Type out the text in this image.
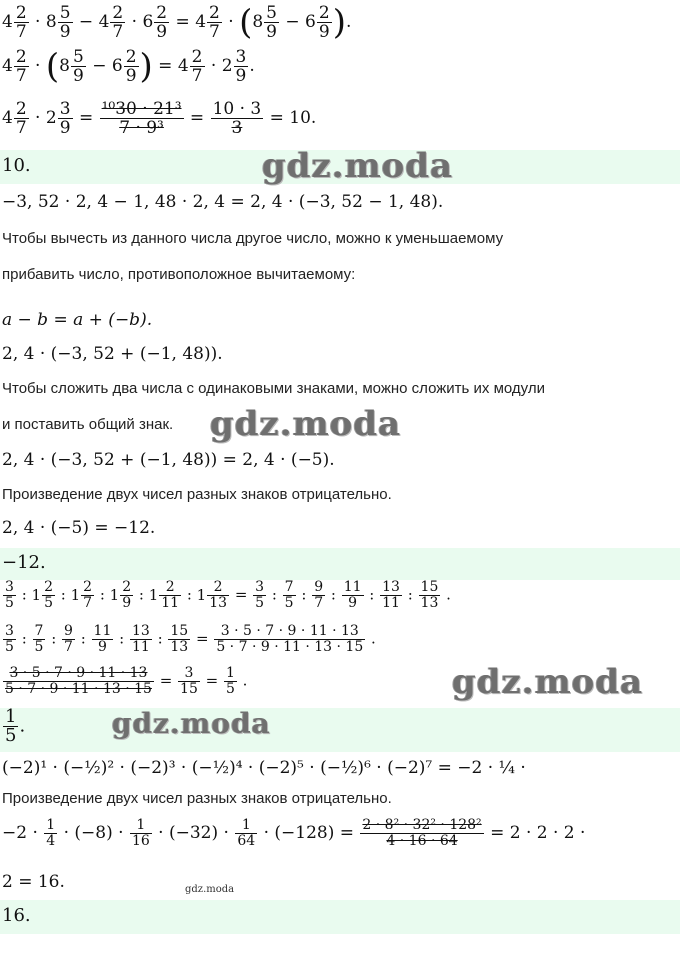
$4 \frac{2}{7} \cdot 8 \frac{5}{9} - 4 \frac{2}{7} \cdot 6 \frac{2}{9} = 4 \frac{2}{7} \cdot (8 \frac{5}{9} - 6 \frac{2}{9}$ ).
$4 \frac{2}{7} \cdot (8 \frac{5}{9} - 6 \frac{2}{9}$ ) = $4 \frac{2}{7} \cdot 2 \frac{3}{9}$ .
$4 \frac{2}{7} \cdot 2 \frac{3}{9} = \frac{\text{¹⁰30 · 21³}}{\text{7 · 9³}} = \frac{10 \cdot 3}{3} = 10$.
10.	gdz.moda
−3, 52 · 2, 4 − 1, 48 · 2, 4 = 2, 4 · (−3, 52 − 1, 48).
Чтобы вычесть из данного числа другое число, можно к уменьшаемому
прибавить число, противоположное вычитаемому:
a − b = a + (−b).
2, 4 · (−3, 52 + (−1, 48)).
Чтобы сложить два числа с одинаковыми знаками, можно сложить их модули
и поставить общий знак. gdz.moda
2, 4 · (−3, 52 + (−1, 48)) = 2, 4 · (−5).
Произведение двух чисел разных знаков отрицательно.
2, 4 · (−5) = −12.
−12.
$\frac{3}{5}$ : $1 \frac{2}{5}$ : $1 \frac{2}{7}$ : $1 \frac{2}{9}$ : $1 \frac{2}{11}$ : $1 \frac{2}{13} = \frac{3}{5}$ : $\frac{7}{5}$ : $\frac{9}{7}$ : $\frac{11}{9}$ : $\frac{13}{11}$ : $\frac{15}{13}$ .
$\frac{3}{5}$ : $\frac{7}{5}$ : $\frac{9}{7}$ : $\frac{11}{9}$ : $\frac{13}{11}$ : $\frac{15}{13} = \frac{3 \cdot 5 \cdot 7 \cdot 9 \cdot 11 \cdot 13}{5 \cdot 7 \cdot 9 \cdot 11 \cdot 13 \cdot 15}$ .
$\frac{3 \cdot 5 \cdot 7 \cdot 9 \cdot 11 \cdot 13}{5 \cdot 7 \cdot 9 \cdot 11 \cdot 13 \cdot 15} = \frac{3}{15} = \frac{1}{5}$ .	gdz.moda
$\frac{1}{5}$ .	gdz.moda
(−2)¹ · (−½)² · (−2)³ · (−½)⁴ · (−2)⁵ · (−½)⁶ · (−2)⁷ = −2 · ¼ ·
Произведение двух чисел разных знаков отрицательно.
$-2 \cdot \frac{1}{4} \cdot (-8) \cdot \frac{1}{16} \cdot (-32) \cdot \frac{1}{64} \cdot (-128) = \frac{\text{2 · 8² · 32² · 128²}}{4 \cdot 16 \cdot 64} = 2 \cdot 2 \cdot 2$ ·
2 = 16.	gdz.moda
16.
